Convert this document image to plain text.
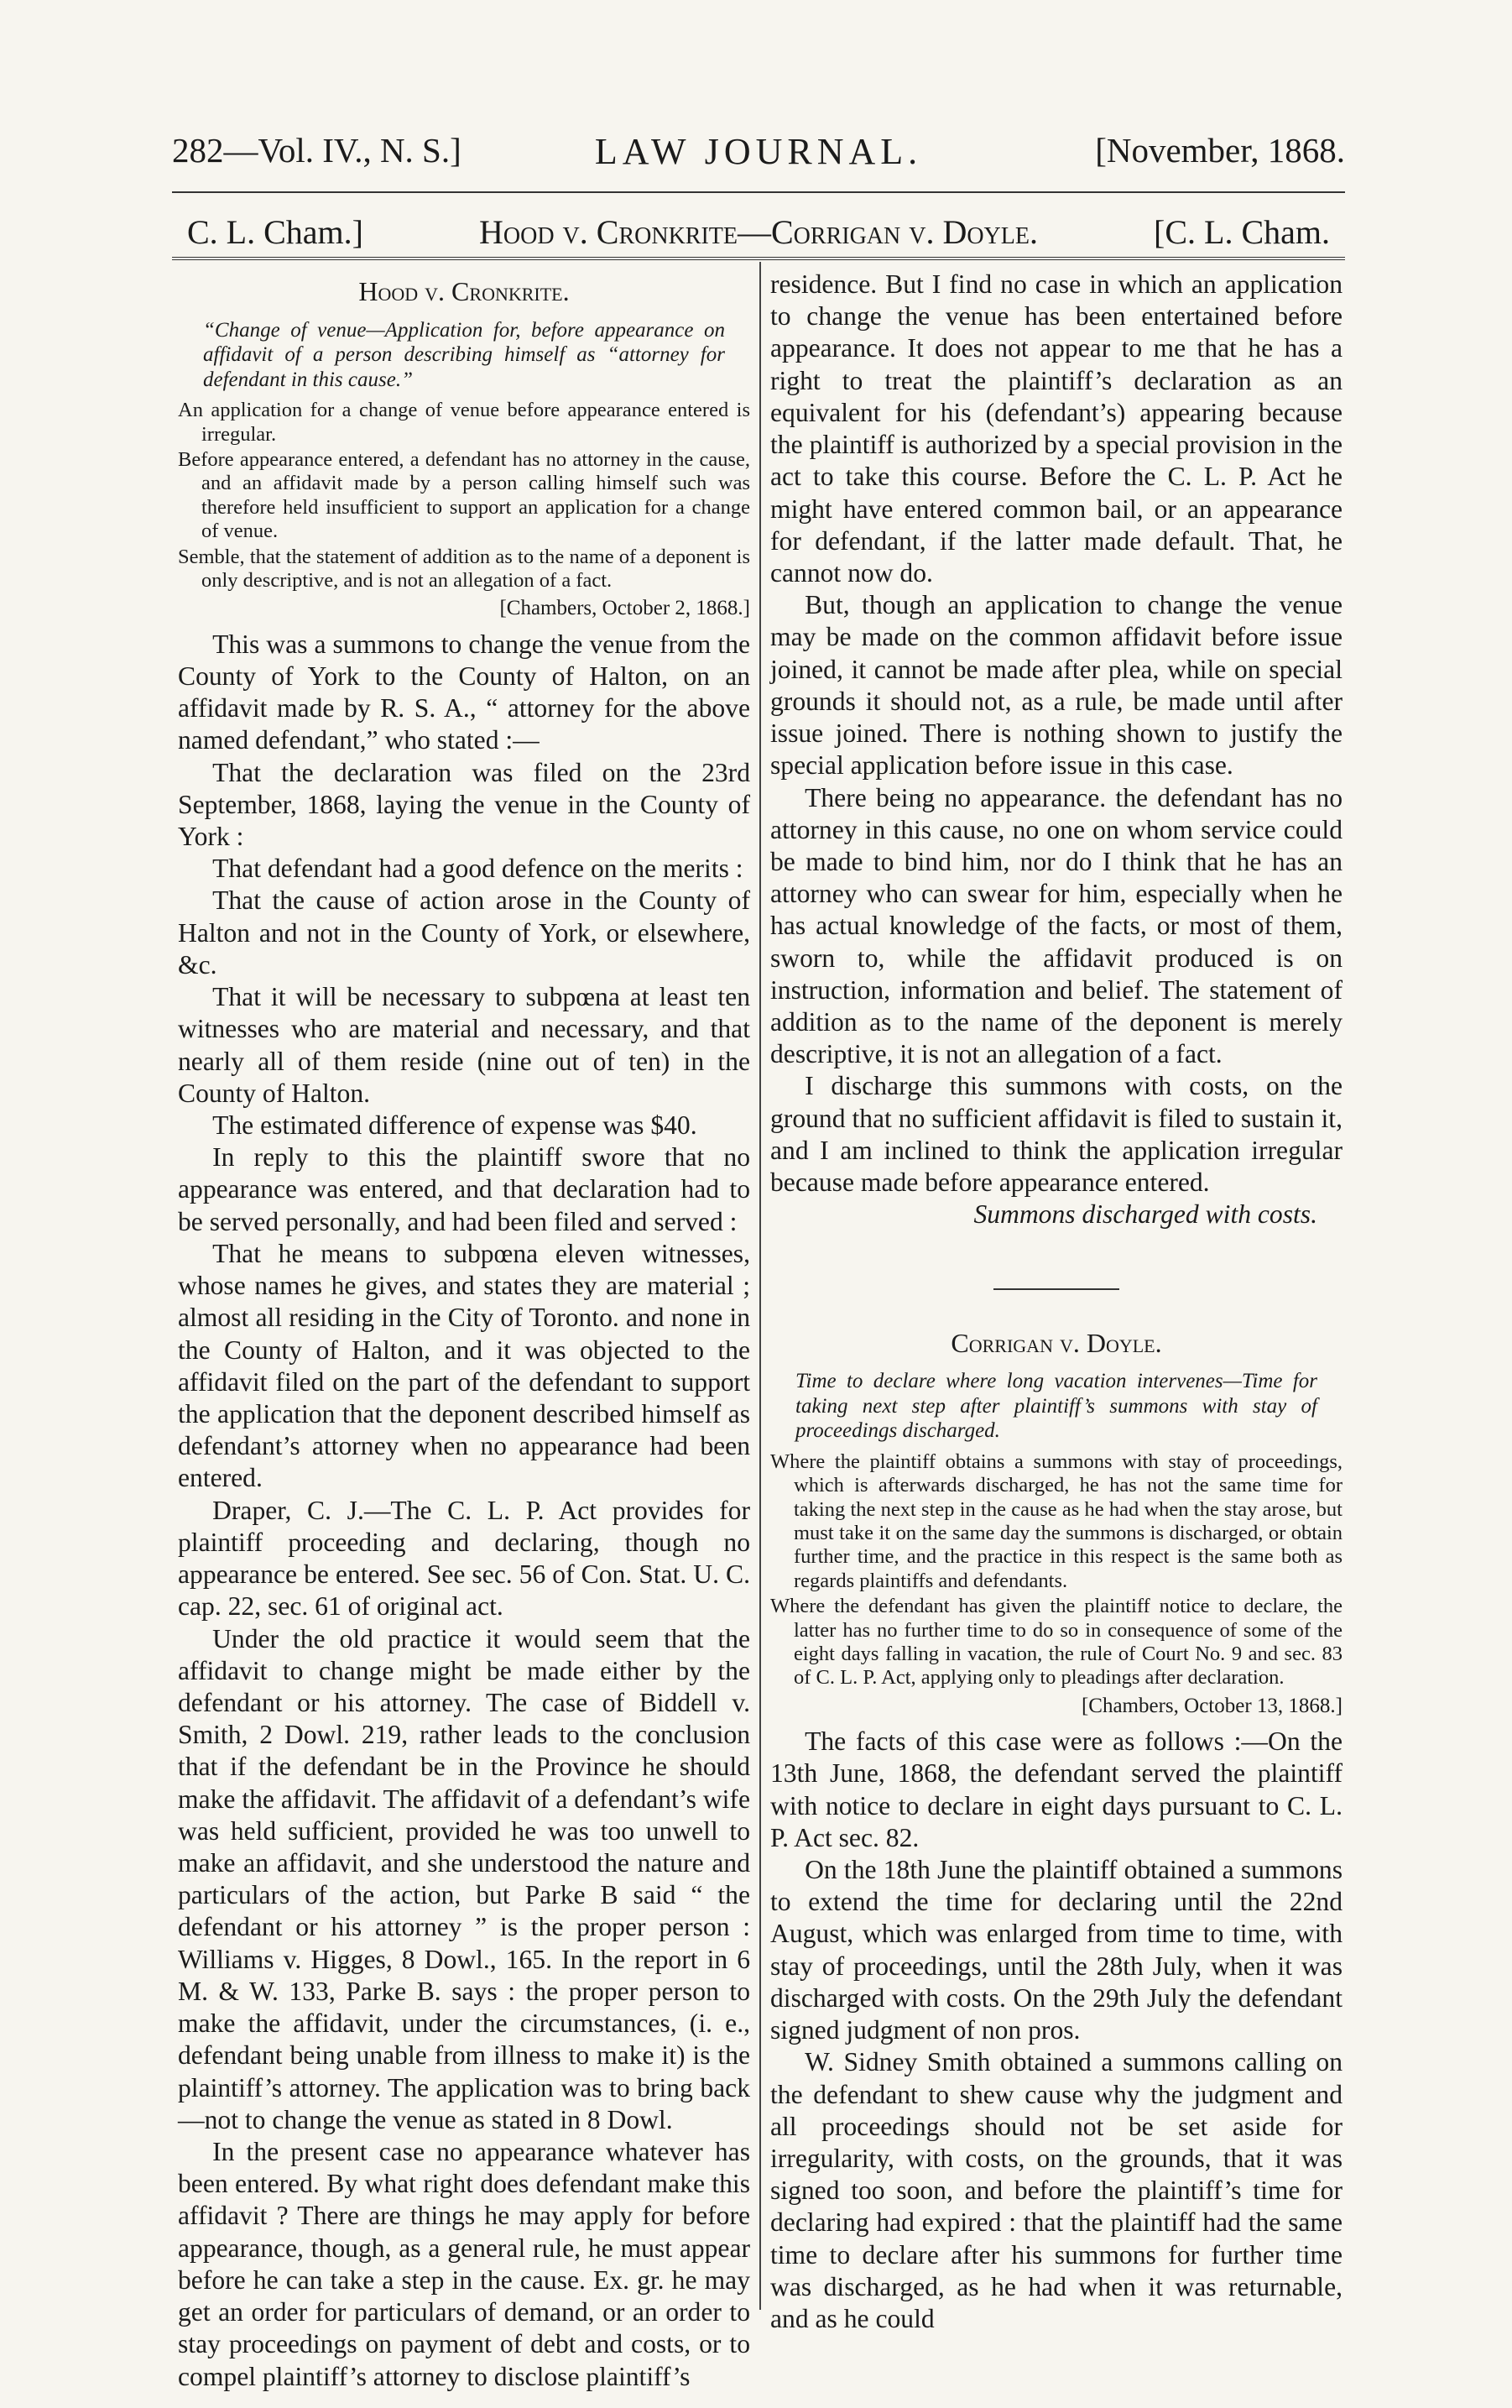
282—Vol. IV., N. S.]	LAW JOURNAL.	[November, 1868.
C. L. Cham.]	Hood v. Cronkrite—Corrigan v. Doyle.	[C. L. Cham.

Hood v. Cronkrite.

“Change of venue—Application for, before appearance on affidavit of a person describing himself as “attorney for defendant in this cause.”

An application for a change of venue before appearance entered is irregular.

Before appearance entered, a defendant has no attorney in the cause, and an affidavit made by a person calling himself such was therefore held insufficient to support an application for a change of venue.

Semble, that the statement of addition as to the name of a deponent is only descriptive, and is not an allegation of a fact.

[Chambers, October 2, 1868.]

This was a summons to change the venue from the County of York to the County of Halton, on an affidavit made by R. S. A., “ attorney for the above named defendant,” who stated :—

That the declaration was filed on the 23rd September, 1868, laying the venue in the County of York :

That defendant had a good defence on the merits :

That the cause of action arose in the County of Halton and not in the County of York, or elsewhere, &c.

That it will be necessary to subpœna at least ten witnesses who are material and necessary, and that nearly all of them reside (nine out of ten) in the County of Halton.

The estimated difference of expense was $40.

In reply to this the plaintiff swore that no appearance was entered, and that declaration had to be served personally, and had been filed and served :

That he means to subpœna eleven witnesses, whose names he gives, and states they are material ; almost all residing in the City of Toronto. and none in the County of Halton, and it was objected to the affidavit filed on the part of the defendant to support the application that the deponent described himself as defendant’s attorney when no appearance had been entered.

Draper, C. J.—The C. L. P. Act provides for plaintiff proceeding and declaring, though no appearance be entered. See sec. 56 of Con. Stat. U. C. cap. 22, sec. 61 of original act.

Under the old practice it would seem that the affidavit to change might be made either by the defendant or his attorney. The case of Biddell v. Smith, 2 Dowl. 219, rather leads to the conclusion that if the defendant be in the Province he should make the affidavit. The affidavit of a defendant’s wife was held sufficient, provided he was too unwell to make an affidavit, and she understood the nature and particulars of the action, but Parke B said “ the defendant or his attorney ” is the proper person : Williams v. Higges, 8 Dowl., 165. In the report in 6 M. & W. 133, Parke B. says : the proper person to make the affidavit, under the circumstances, (i. e., defendant being unable from illness to make it) is the plaintiff’s attorney. The application was to bring back—not to change the venue as stated in 8 Dowl.

In the present case no appearance whatever has been entered. By what right does defendant make this affidavit ? There are things he may apply for before appearance, though, as a general rule, he must appear before he can take a step in the cause. Ex. gr. he may get an order for particulars of demand, or an order to stay proceedings on payment of debt and costs, or to compel plaintiff’s attorney to disclose plaintiff’s

residence. But I find no case in which an application to change the venue has been entertained before appearance. It does not appear to me that he has a right to treat the plaintiff’s declaration as an equivalent for his (defendant’s) appearing because the plaintiff is authorized by a special provision in the act to take this course. Before the C. L. P. Act he might have entered common bail, or an appearance for defendant, if the latter made default. That, he cannot now do.

But, though an application to change the venue may be made on the common affidavit before issue joined, it cannot be made after plea, while on special grounds it should not, as a rule, be made until after issue joined. There is nothing shown to justify the special application before issue in this case.

There being no appearance. the defendant has no attorney in this cause, no one on whom service could be made to bind him, nor do I think that he has an attorney who can swear for him, especially when he has actual knowledge of the facts, or most of them, sworn to, while the affidavit produced is on instruction, information and belief. The statement of addition as to the name of the deponent is merely descriptive, it is not an allegation of a fact.

I discharge this summons with costs, on the ground that no sufficient affidavit is filed to sustain it, and I am inclined to think the application irregular because made before appearance entered.

Summons discharged with costs.

Corrigan v. Doyle.

Time to declare where long vacation intervenes—Time for taking next step after plaintiff’s summons with stay of proceedings discharged.

Where the plaintiff obtains a summons with stay of proceedings, which is afterwards discharged, he has not the same time for taking the next step in the cause as he had when the stay arose, but must take it on the same day the summons is discharged, or obtain further time, and the practice in this respect is the same both as regards plaintiffs and defendants.

Where the defendant has given the plaintiff notice to declare, the latter has no further time to do so in consequence of some of the eight days falling in vacation, the rule of Court No. 9 and sec. 83 of C. L. P. Act, applying only to pleadings after declaration.

[Chambers, October 13, 1868.]

The facts of this case were as follows :—On the 13th June, 1868, the defendant served the plaintiff with notice to declare in eight days pursuant to C. L. P. Act sec. 82.

On the 18th June the plaintiff obtained a summons to extend the time for declaring until the 22nd August, which was enlarged from time to time, with stay of proceedings, until the 28th July, when it was discharged with costs. On the 29th July the defendant signed judgment of non pros.

W. Sidney Smith obtained a summons calling on the defendant to shew cause why the judgment and all proceedings should not be set aside for irregularity, with costs, on the grounds, that it was signed too soon, and before the plaintiff’s time for declaring had expired : that the plaintiff had the same time to declare after his summons for further time was discharged, as he had when it was returnable, and as he could
